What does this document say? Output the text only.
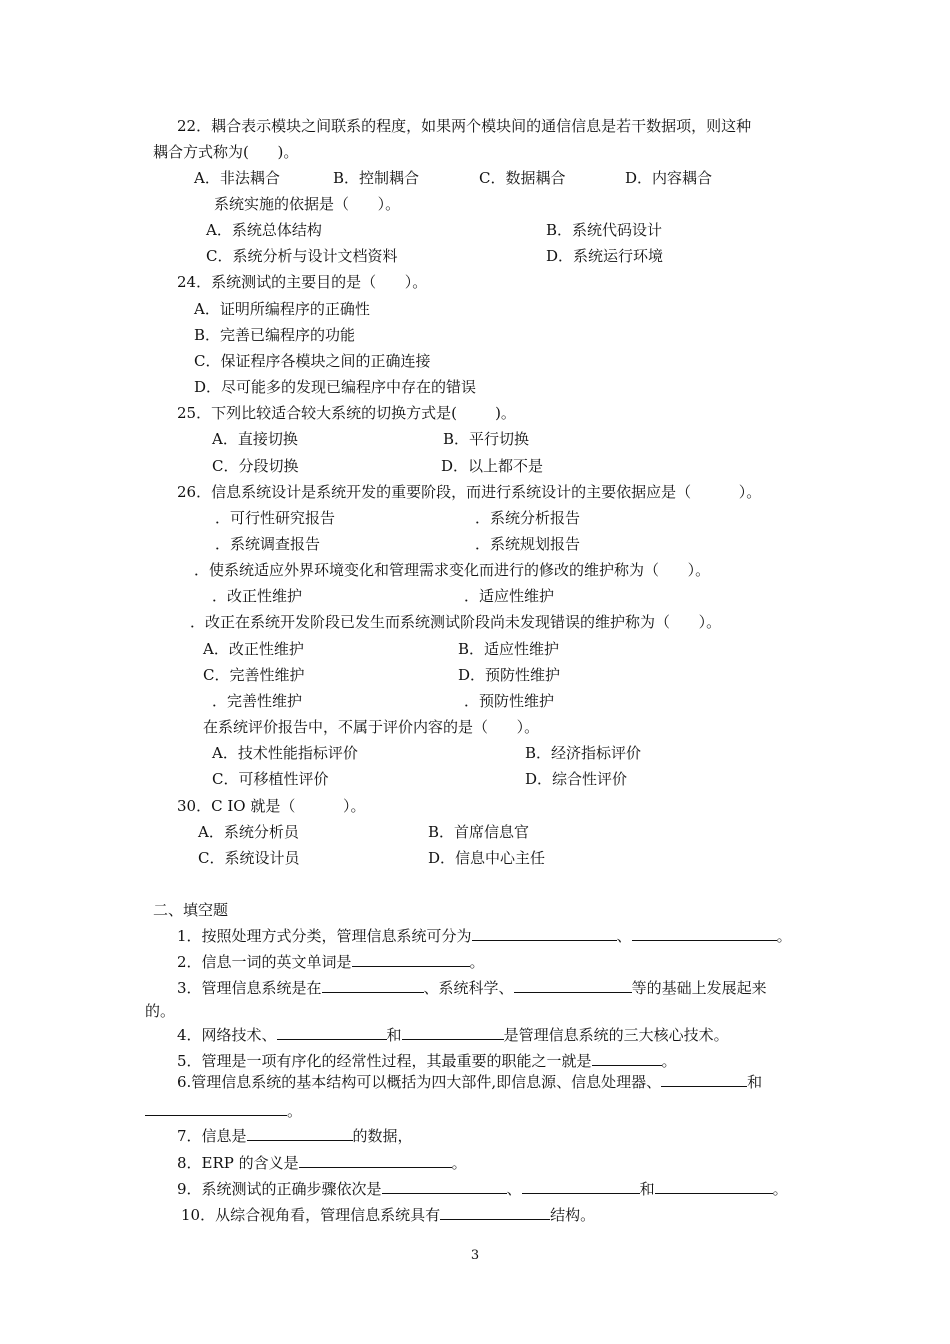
22．耦合表示模块之间联系的程度，如果两个模块间的通信信息是若干数据项，则这种
耦合方式称为(      )。
A．非法耦合	B．控制耦合	C．数据耦合	D．内容耦合
系统实施的依据是（      ）。
A．系统总体结构	B．系统代码设计
C．系统分析与设计文档资料	D．系统运行环境
24．系统测试的主要目的是（      ）。
A．证明所编程序的正确性
B．完善已编程序的功能
C．保证程序各模块之间的正确连接
D．尽可能多的发现已编程序中存在的错误
25．下列比较适合较大系统的切换方式是(        )。
A．直接切换	B．平行切换
C．分段切换	D．以上都不是
26．信息系统设计是系统开发的重要阶段，而进行系统设计的主要依据应是（          ）。
．可行性研究报告	．系统分析报告
．系统调查报告	．系统规划报告
．使系统适应外界环境变化和管理需求变化而进行的修改的维护称为（      ）。
．改正性维护	．适应性维护
．改正在系统开发阶段已发生而系统测试阶段尚未发现错误的维护称为（      ）。
A．改正性维护	B．适应性维护
C．完善性维护	D．预防性维护
．完善性维护	．预防性维护
在系统评价报告中，不属于评价内容的是（      ）。
A．技术性能指标评价	B．经济指标评价
C．可移植性评价	D．综合性评价
30．C IO 就是（          ）。
A．系统分析员	B．首席信息官
C．系统设计员	D．信息中心主任
二、填空题
1．按照处理方式分类，管理信息系统可分为	、	。
2．信息一词的英文单词是	。
3．管理信息系统是在	、系统科学、	等的基础上发展起来
的。
4．网络技术、	和	是管理信息系统的三大核心技术。
5．管理是一项有序化的经常性过程，其最重要的职能之一就是	。
6.管理信息系统的基本结构可以概括为四大部件,即信息源、信息处理器、	和
。
7．信息是	的数据，
8．ERP 的含义是	。
9．系统测试的正确步骤依次是	、	和	。
10．从综合视角看，管理信息系统具有	结构。
3
